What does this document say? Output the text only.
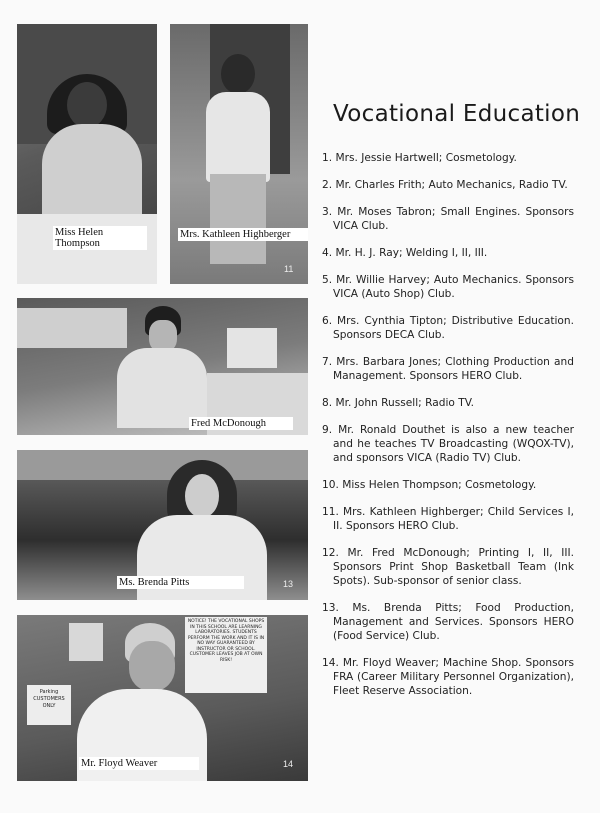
Miss Helen
Thompson
Mrs. Kathleen Highberger
11
Fred McDonough
Ms. Brenda Pitts	13
NOTICE! THE VOCATIONAL SHOPS IN THIS SCHOOL ARE LEARNING LABORATORIES. STUDENTS PERFORM THE WORK AND IT IS IN NO WAY GUARANTEED BY INSTRUCTOR OR SCHOOL. CUSTOMER LEAVES JOB AT OWN RISK!
Parking CUSTOMERS ONLY
Mr. Floyd Weaver	14
Vocational Education
1. Mrs. Jessie Hartwell; Cosmetology.
2. Mr. Charles Frith; Auto Mechanics, Radio TV.
3. Mr. Moses Tabron; Small Engines. Sponsors VICA Club.
4. Mr. H. J. Ray; Welding I, II, III.
5. Mr. Willie Harvey; Auto Mechanics. Sponsors VICA (Auto Shop) Club.
6. Mrs. Cynthia Tipton; Distributive Education. Sponsors DECA Club.
7. Mrs. Barbara Jones; Clothing Production and Management. Sponsors HERO Club.
8. Mr. John Russell; Radio TV.
9. Mr. Ronald Douthet is also a new teacher and he teaches TV Broadcasting (WQOX-TV), and sponsors VICA (Radio TV) Club.
10. Miss Helen Thompson; Cosmetology.
11. Mrs. Kathleen Highberger; Child Services I, II. Sponsors HERO Club.
12. Mr. Fred McDonough; Printing I, II, III. Sponsors Print Shop Basketball Team (Ink Spots). Sub-sponsor of senior class.
13. Ms. Brenda Pitts; Food Production, Management and Services. Sponsors HERO (Food Service) Club.
14. Mr. Floyd Weaver; Machine Shop. Sponsors FRA (Career Military Personnel Organization), Fleet Reserve Association.
